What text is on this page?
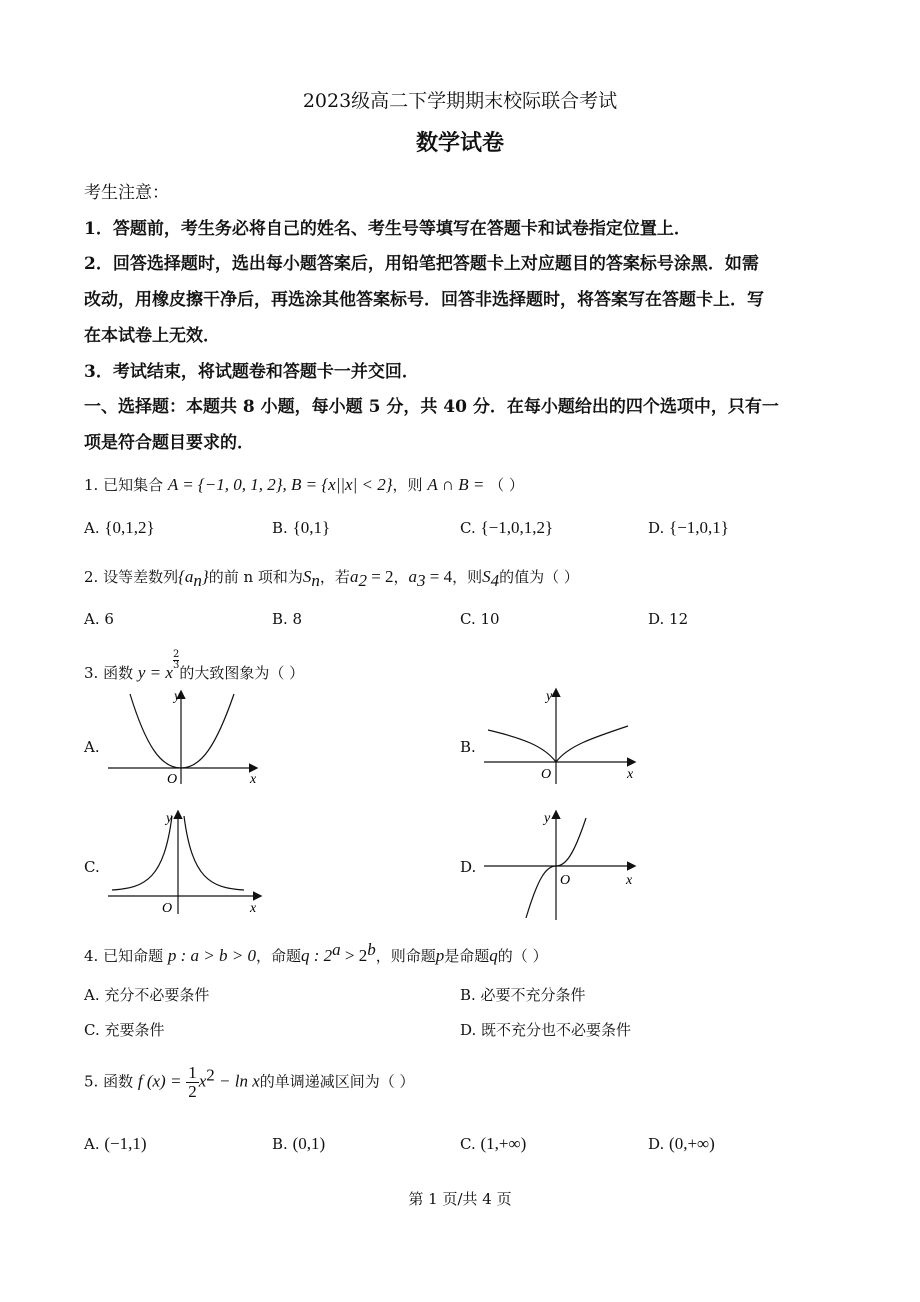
2023级高二下学期期末校际联合考试
数学试卷
考生注意：
1．答题前，考生务必将自己的姓名、考生号等填写在答题卡和试卷指定位置上．
2．回答选择题时，选出每小题答案后，用铅笔把答题卡上对应题目的答案标号涂黑．如需
改动，用橡皮擦干净后，再选涂其他答案标号．回答非选择题时，将答案写在答题卡上．写
在本试卷上无效．
3．考试结束，将试题卷和答题卡一并交回．
一、选择题：本题共 8 小题，每小题 5 分，共 40 分．在每小题给出的四个选项中，只有一
项是符合题目要求的．
1. 已知集合 A = {−1, 0, 1, 2}, B = {x||x| < 2}，则 A ∩ B = （ ）
A. {0,1,2}	B. {0,1}	C. {−1,0,1,2}	D. {−1,0,1}
2. 设等差数列$\{a_n\}$的前 n 项和为$S_n$，若$a_2 = 2$，$a_3 = 4$，则$S_4$的值为（ ）
A. 6	B. 8	C. 10	D. 12
3. 函数 y = x
$\frac{2}{3}$
的大致图象为（ ）
A.	B.
C.	D.
y
x
O
y
x
O
y
x
O
y
x
O
4. 已知命题 p : a > b > 0，命题q : $2^a > 2^b$，则命题p是命题q的（ ）
A. 充分不必要条件	B. 必要不充分条件
C. 充要条件	D. 既不充分也不必要条件
5. 函数 f $(x) = \frac{1}{2} x^2 - \ln x$的单调递减区间为（ ）
A. (−1,1)	B. (0,1)	C. (1,+∞)	D. (0,+∞)
第 1 页/共 4 页
